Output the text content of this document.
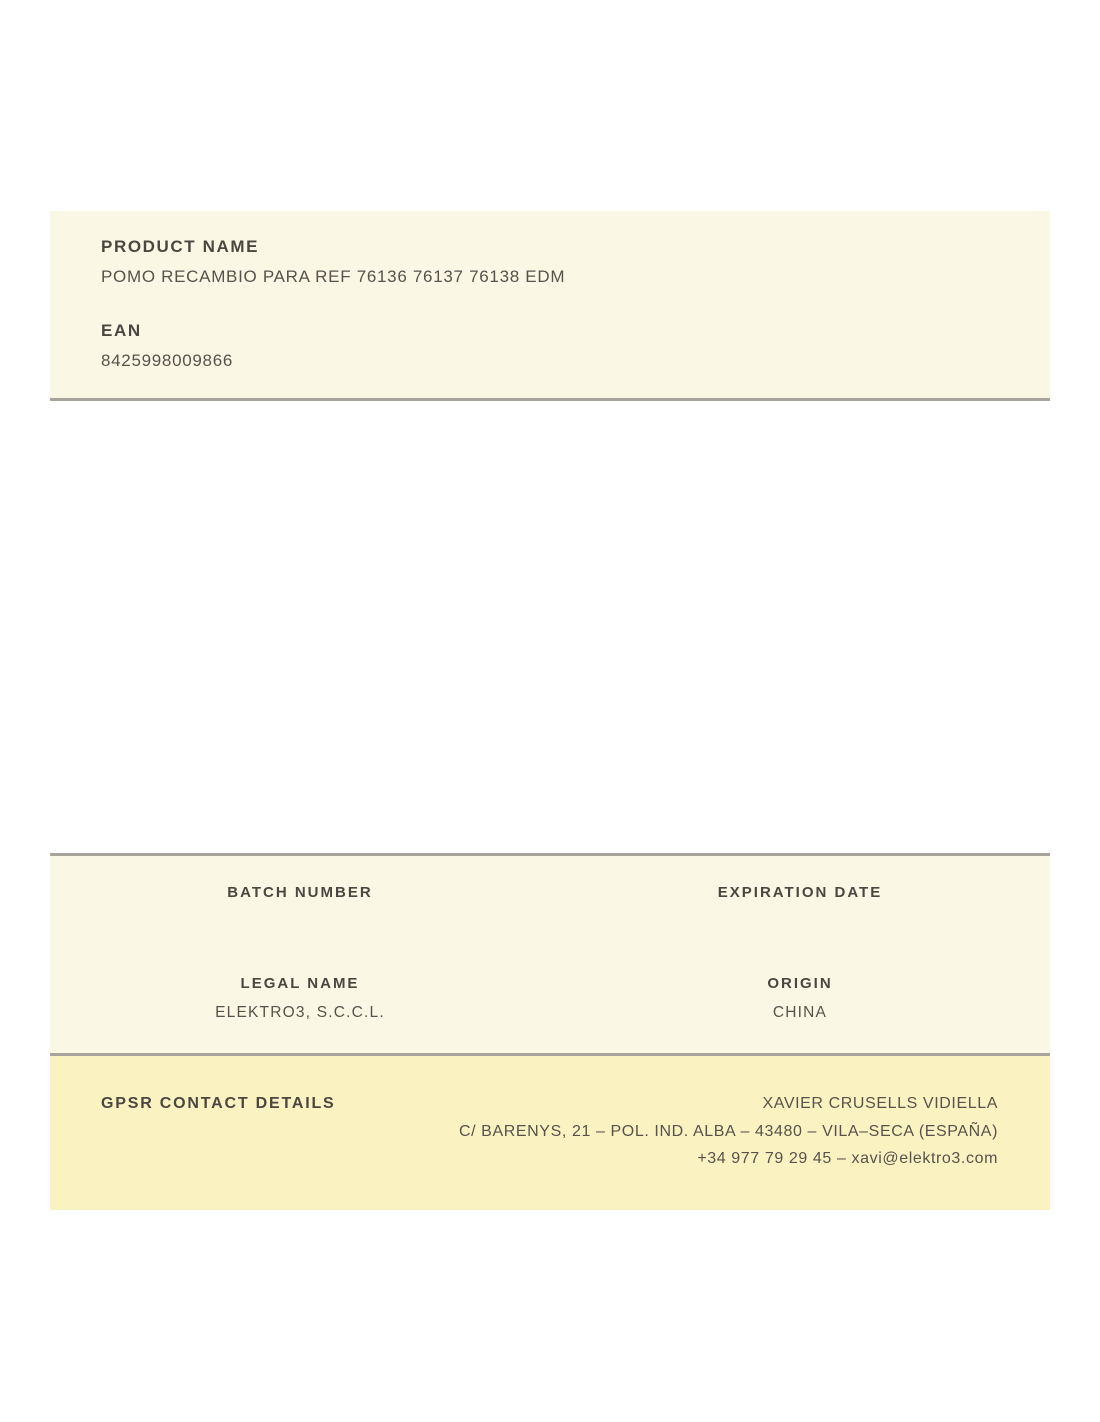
PRODUCT NAME
POMO RECAMBIO PARA REF 76136 76137 76138 EDM
EAN
8425998009866
BATCH NUMBER	EXPIRATION DATE
LEGAL NAME
ELEKTRO3, S.C.C.L.
ORIGIN
CHINA
GPSR CONTACT DETAILS	XAVIER CRUSELLS VIDIELLA
C/ BARENYS, 21 – POL. IND. ALBA – 43480 – VILA–SECA (ESPAÑA)
+34 977 79 29 45 – xavi@elektro3.com
